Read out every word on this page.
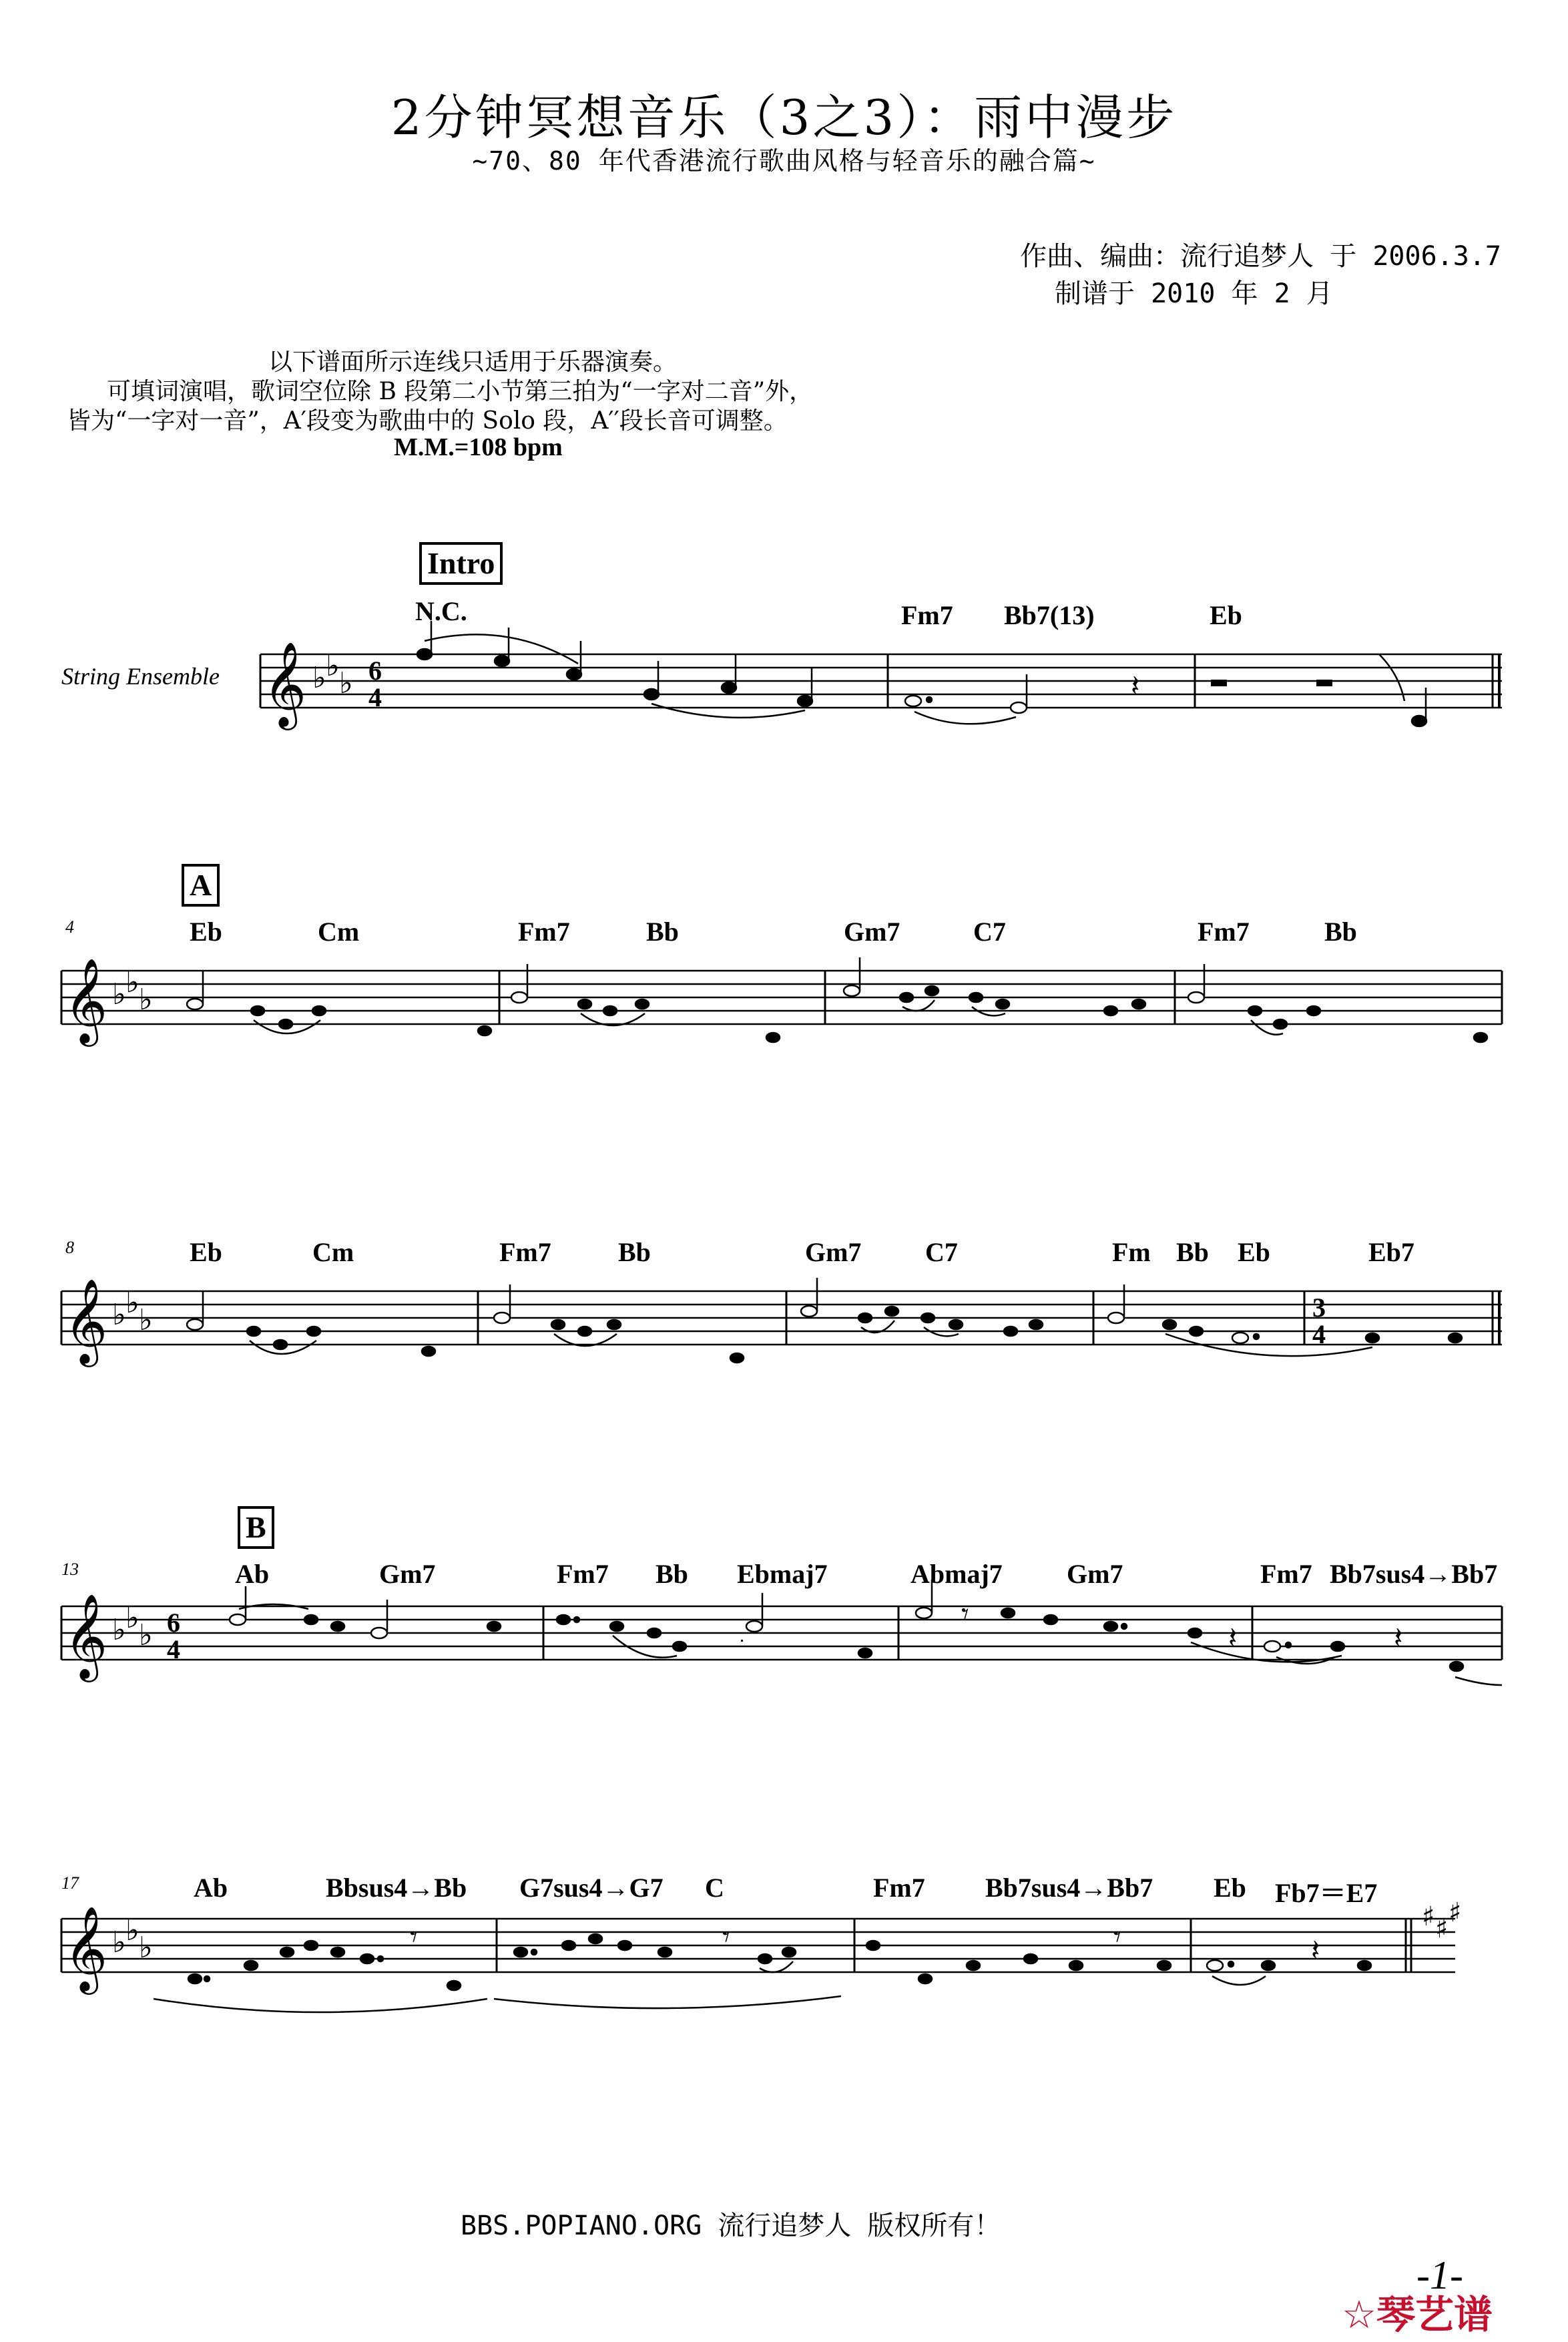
2分钟冥想音乐（3之3）：雨中漫步
~70、80 年代香港流行歌曲风格与轻音乐的融合篇~
作曲、编曲：流行追梦人 于 2006.3.7
制谱于 2010 年 2 月
以下谱面所示连线只适用于乐器演奏。
可填词演唱，歌词空位除 B 段第二小节第三拍为“一字对二音”外，
皆为“一字对一音”，A′段变为歌曲中的 Solo 段，A′′段长音可调整。
M.M.=108 bpm
Intro
String Ensemble
N.C.	Fm7 Bb7(13)	Eb
𝄞 ♭ ♭
♭ 6
4	𝄽
A
4	Eb	Cm	Fm7	Bb	Gm7	C7	Fm7	Bb
𝄞 ♭ ♭
♭
8	Eb	Cm	Fm7	Bb	Gm7 C7	Fm Bb Eb	Eb7
𝄞 ♭ ♭
♭	3
4
B
13	Ab	Gm7	Fm7 Bb Ebmaj7	Abmaj7 Gm7	Fm7 Bb7sus4→Bb7
𝄞 ♭ ♭
♭ 6
4
𝄾
𝄽	𝄽
17	Ab	Bbsus4→Bb G7sus4→G7 C	Fm7 Bb7sus4→Bb7 Eb Fb7＝E7
𝄞 ♭ ♭
♭
♯ ♯
♯
𝄾	𝄾	𝄾	𝄽
BBS.POPIANO.ORG 流行追梦人 版权所有！
-1-
☆琴艺谱
